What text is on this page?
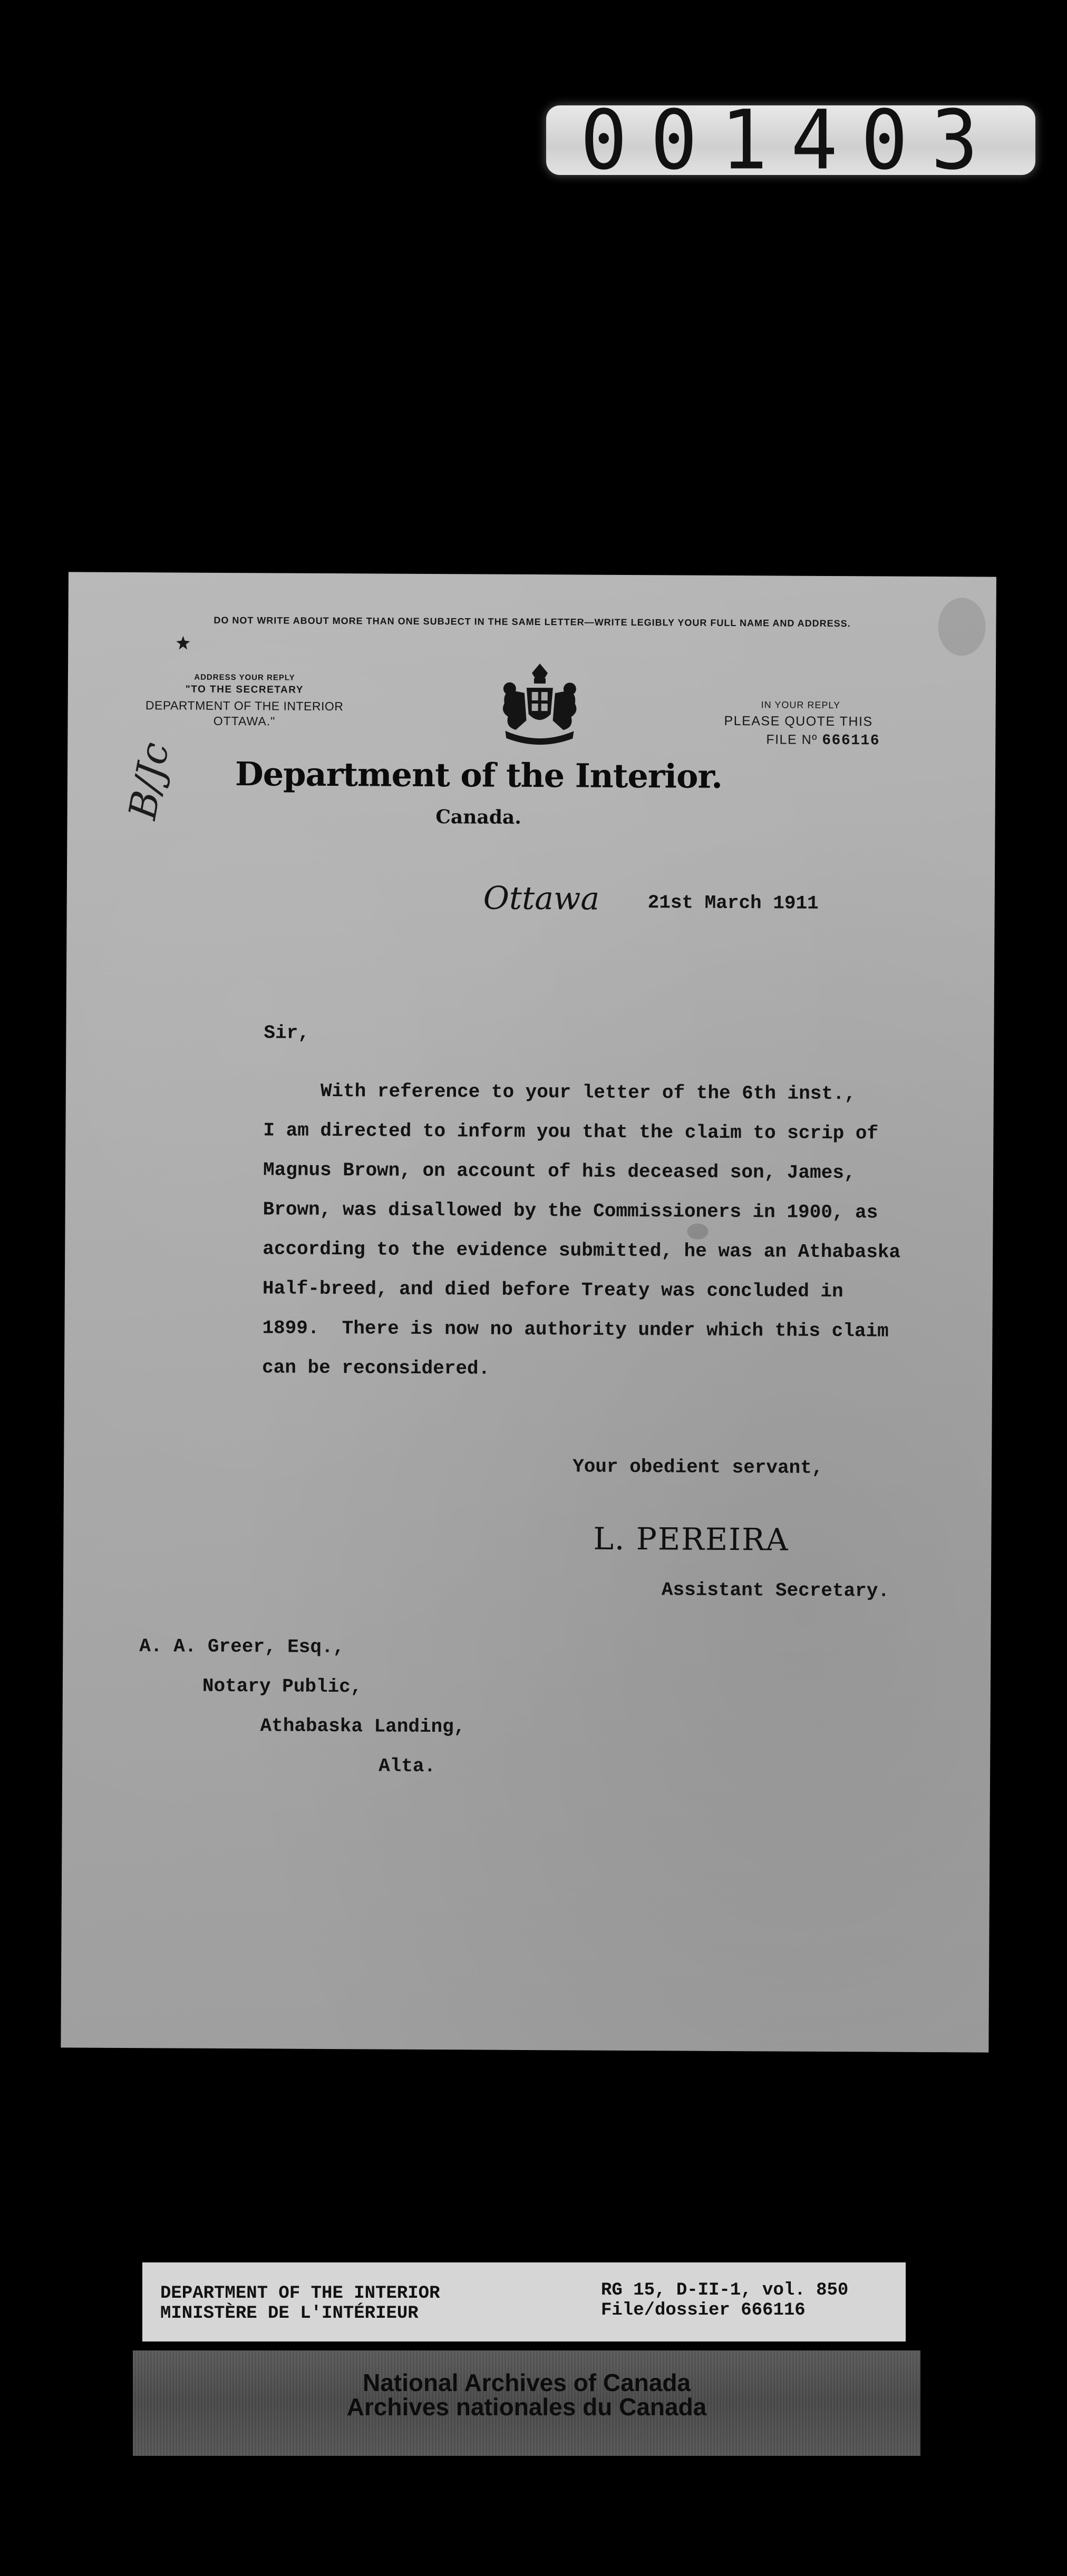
001403
DO NOT WRITE ABOUT MORE THAN ONE SUBJECT IN THE SAME LETTER—WRITE LEGIBLY YOUR FULL NAME AND ADDRESS.
ADDRESS YOUR REPLY
"TO THE SECRETARY
DEPARTMENT OF THE INTERIOR
OTTAWA."
Department of the Interior.
Canada.
IN YOUR REPLY
PLEASE QUOTE THIS
FILE Nº 666116
B/Jc
Ottawa	21st March 1911
Sir,
With reference to your letter of the 6th inst.,
I am directed to inform you that the claim to scrip of
Magnus Brown, on account of his deceased son, James,
Brown, was disallowed by the Commissioners in 1900, as
according to the evidence submitted, he was an Athabaska
Half-breed, and died before Treaty was concluded in
1899.  There is now no authority under which this claim
can be reconsidered.
Your obedient servant,
L. PEREIRA
Assistant Secretary.
A. A. Greer, Esq.,
Notary Public,
Athabaska Landing,
Alta.
DEPARTMENT OF THE INTERIOR
MINISTÈRE DE L'INTÉRIEUR
RG 15, D-II-1, vol. 850
File/dossier 666116
National Archives of Canada
Archives nationales du Canada
